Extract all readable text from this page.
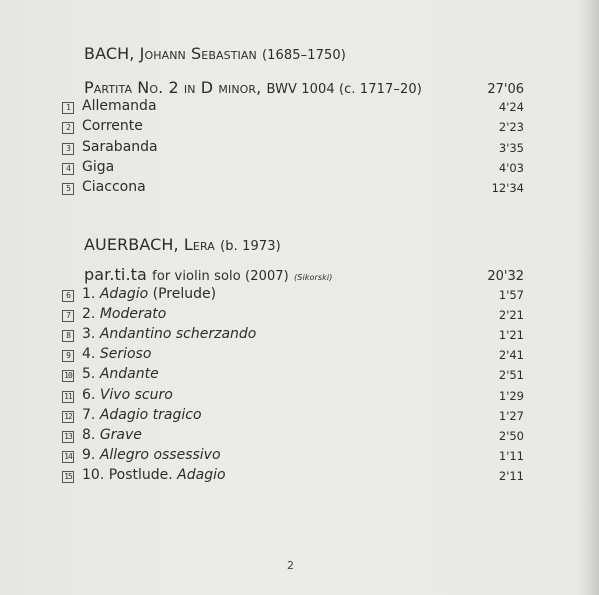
BACH, Johann Sebastian (1685–1750)
Partita No. 2 in D minor, BWV 1004 (c. 1717–20)	27'06
1 Allemanda	4'24
2 Corrente	2'23
3 Sarabanda	3'35
4 Giga	4'03
5 Ciaccona	12'34
AUERBACH, Lera (b. 1973)
par.ti.ta for violin solo (2007) (Sikorski)	20'32
6 1. Adagio (Prelude)	1'57
7 2. Moderato	2'21
8 3. Andantino scherzando	1'21
9 4. Serioso	2'41
10 5. Andante	2'51
11 6. Vivo scuro	1'29
12 7. Adagio tragico	1'27
13 8. Grave	2'50
14 9. Allegro ossessivo	1'11
15 10. Postlude. Adagio	2'11
2
